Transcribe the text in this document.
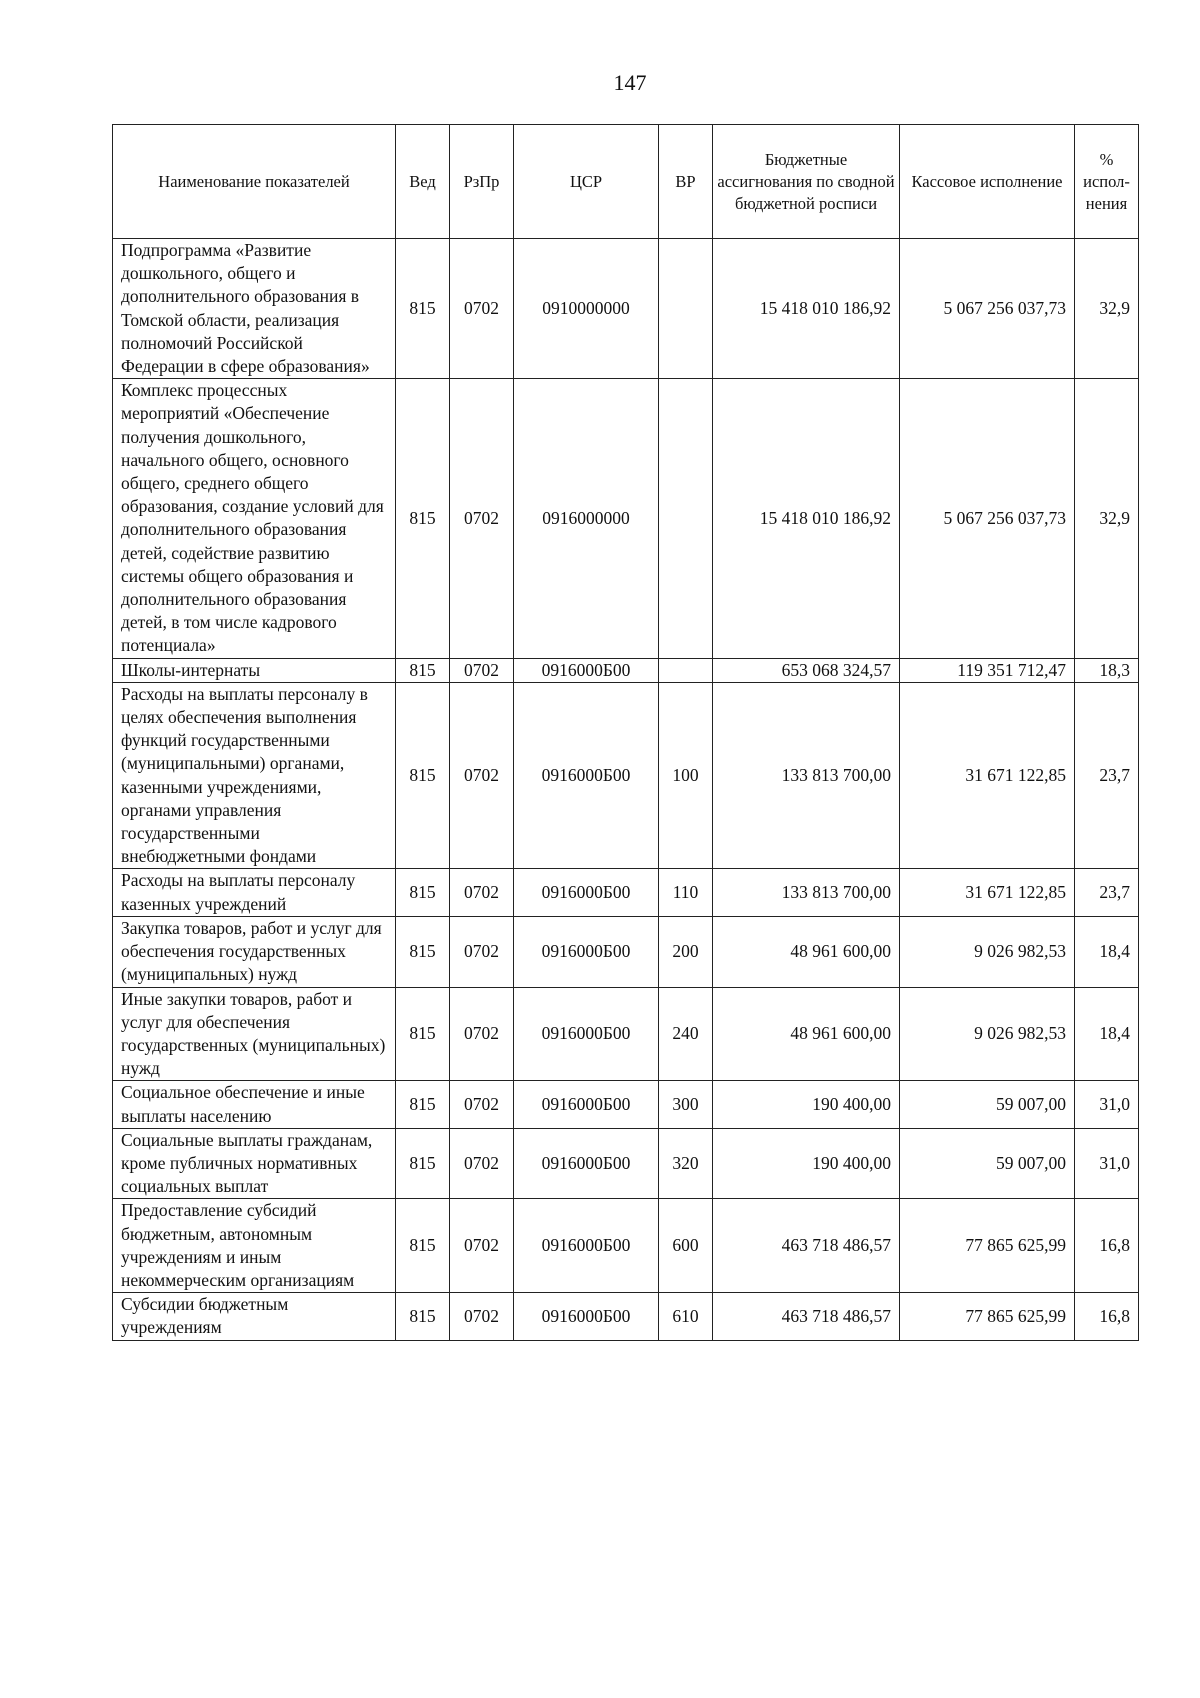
147
Наименование показателей	Вед	РзПр	ЦСР	ВР	Бюджетные ассигнования по сводной бюджетной росписи	Кассовое исполнение	% испол-нения
Подпрограмма «Развитие дошкольного, общего и дополнительного образования в Томской области, реализация полномочий Российской Федерации в сфере образования»	815	0702	0910000000		15 418 010 186,92	5 067 256 037,73	32,9
Комплекс процессных мероприятий «Обеспечение получения дошкольного, начального общего, основного общего, среднего общего образования, создание условий для дополнительного образования детей, содействие развитию системы общего образования и дополнительного образования детей, в том числе кадрового потенциала»	815	0702	0916000000		15 418 010 186,92	5 067 256 037,73	32,9
Школы-интернаты	815	0702	0916000Б00		653 068 324,57	119 351 712,47	18,3
Расходы на выплаты персоналу в целях обеспечения выполнения функций государственными (муниципальными) органами, казенными учреждениями, органами управления государственными внебюджетными фондами	815	0702	0916000Б00	100	133 813 700,00	31 671 122,85	23,7
Расходы на выплаты персоналу казенных учреждений	815	0702	0916000Б00	110	133 813 700,00	31 671 122,85	23,7
Закупка товаров, работ и услуг для обеспечения государственных (муниципальных) нужд	815	0702	0916000Б00	200	48 961 600,00	9 026 982,53	18,4
Иные закупки товаров, работ и услуг для обеспечения государственных (муниципальных) нужд	815	0702	0916000Б00	240	48 961 600,00	9 026 982,53	18,4
Социальное обеспечение и иные выплаты населению	815	0702	0916000Б00	300	190 400,00	59 007,00	31,0
Социальные выплаты гражданам, кроме публичных нормативных социальных выплат	815	0702	0916000Б00	320	190 400,00	59 007,00	31,0
Предоставление субсидий бюджетным, автономным учреждениям и иным некоммерческим организациям	815	0702	0916000Б00	600	463 718 486,57	77 865 625,99	16,8
Субсидии бюджетным учреждениям	815	0702	0916000Б00	610	463 718 486,57	77 865 625,99	16,8
